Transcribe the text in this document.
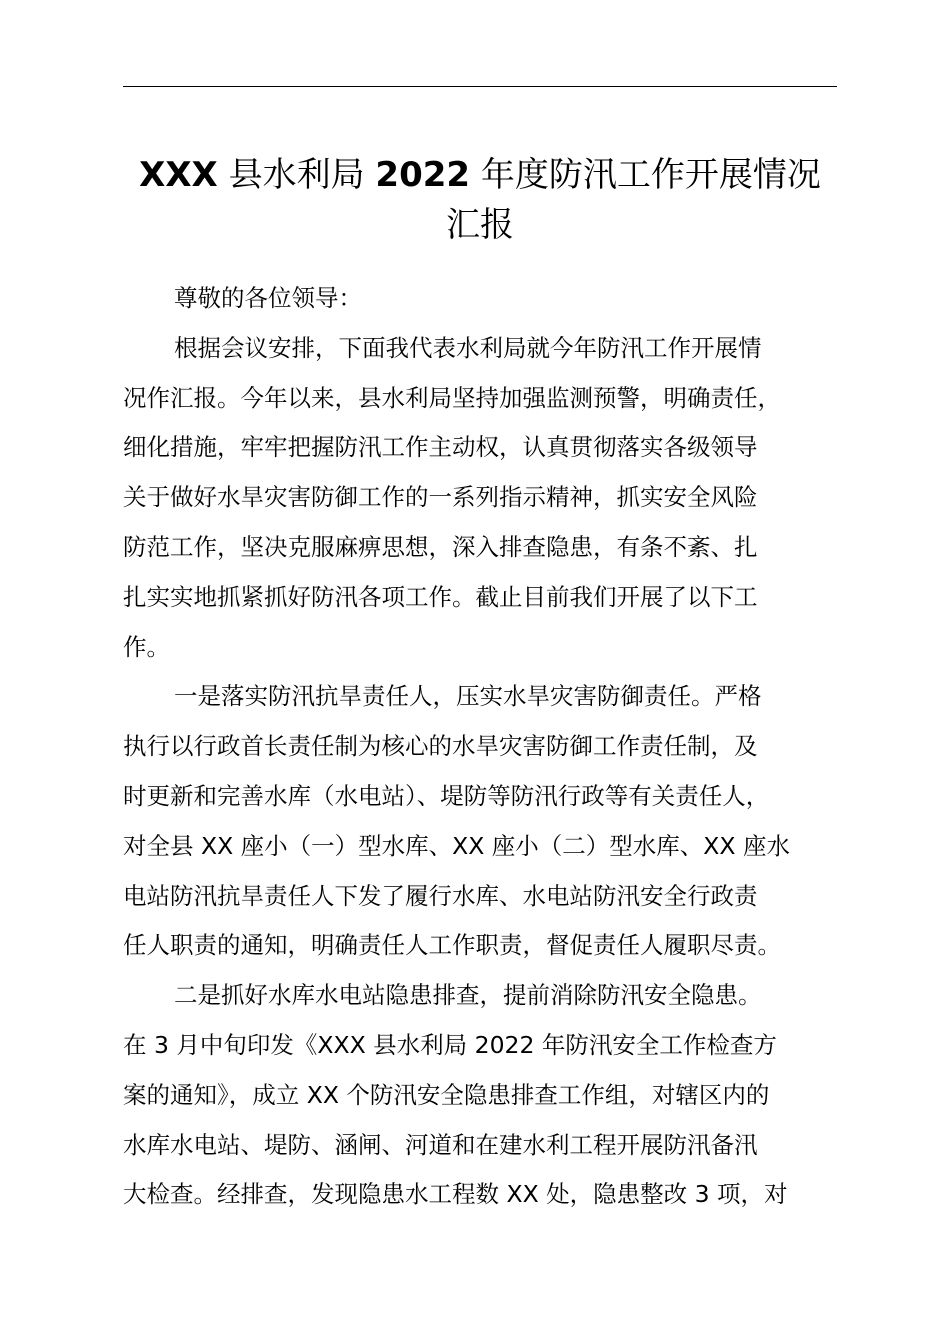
XXX 县水利局 2022 年度防汛工作开展情况
汇报
尊敬的各位领导：
根据会议安排，下面我代表水利局就今年防汛工作开展情
况作汇报。今年以来，县水利局坚持加强监测预警，明确责任，
细化措施，牢牢把握防汛工作主动权，认真贯彻落实各级领导
关于做好水旱灾害防御工作的一系列指示精神，抓实安全风险
防范工作，坚决克服麻痹思想，深入排查隐患，有条不紊、扎
扎实实地抓紧抓好防汛各项工作。截止目前我们开展了以下工
作。
一是落实防汛抗旱责任人，压实水旱灾害防御责任。严格
执行以行政首长责任制为核心的水旱灾害防御工作责任制，及
时更新和完善水库（水电站）、堤防等防汛行政等有关责任人，
对全县 XX 座小（一）型水库、XX 座小（二）型水库、XX 座水
电站防汛抗旱责任人下发了履行水库、水电站防汛安全行政责
任人职责的通知，明确责任人工作职责，督促责任人履职尽责。
二是抓好水库水电站隐患排查，提前消除防汛安全隐患。
在 3 月中旬印发《XXX 县水利局 2022 年防汛安全工作检查方
案的通知》，成立 XX 个防汛安全隐患排查工作组，对辖区内的
水库水电站、堤防、涵闸、河道和在建水利工程开展防汛备汛
大检查。经排查，发现隐患水工程数 XX 处，隐患整改 3 项，对
